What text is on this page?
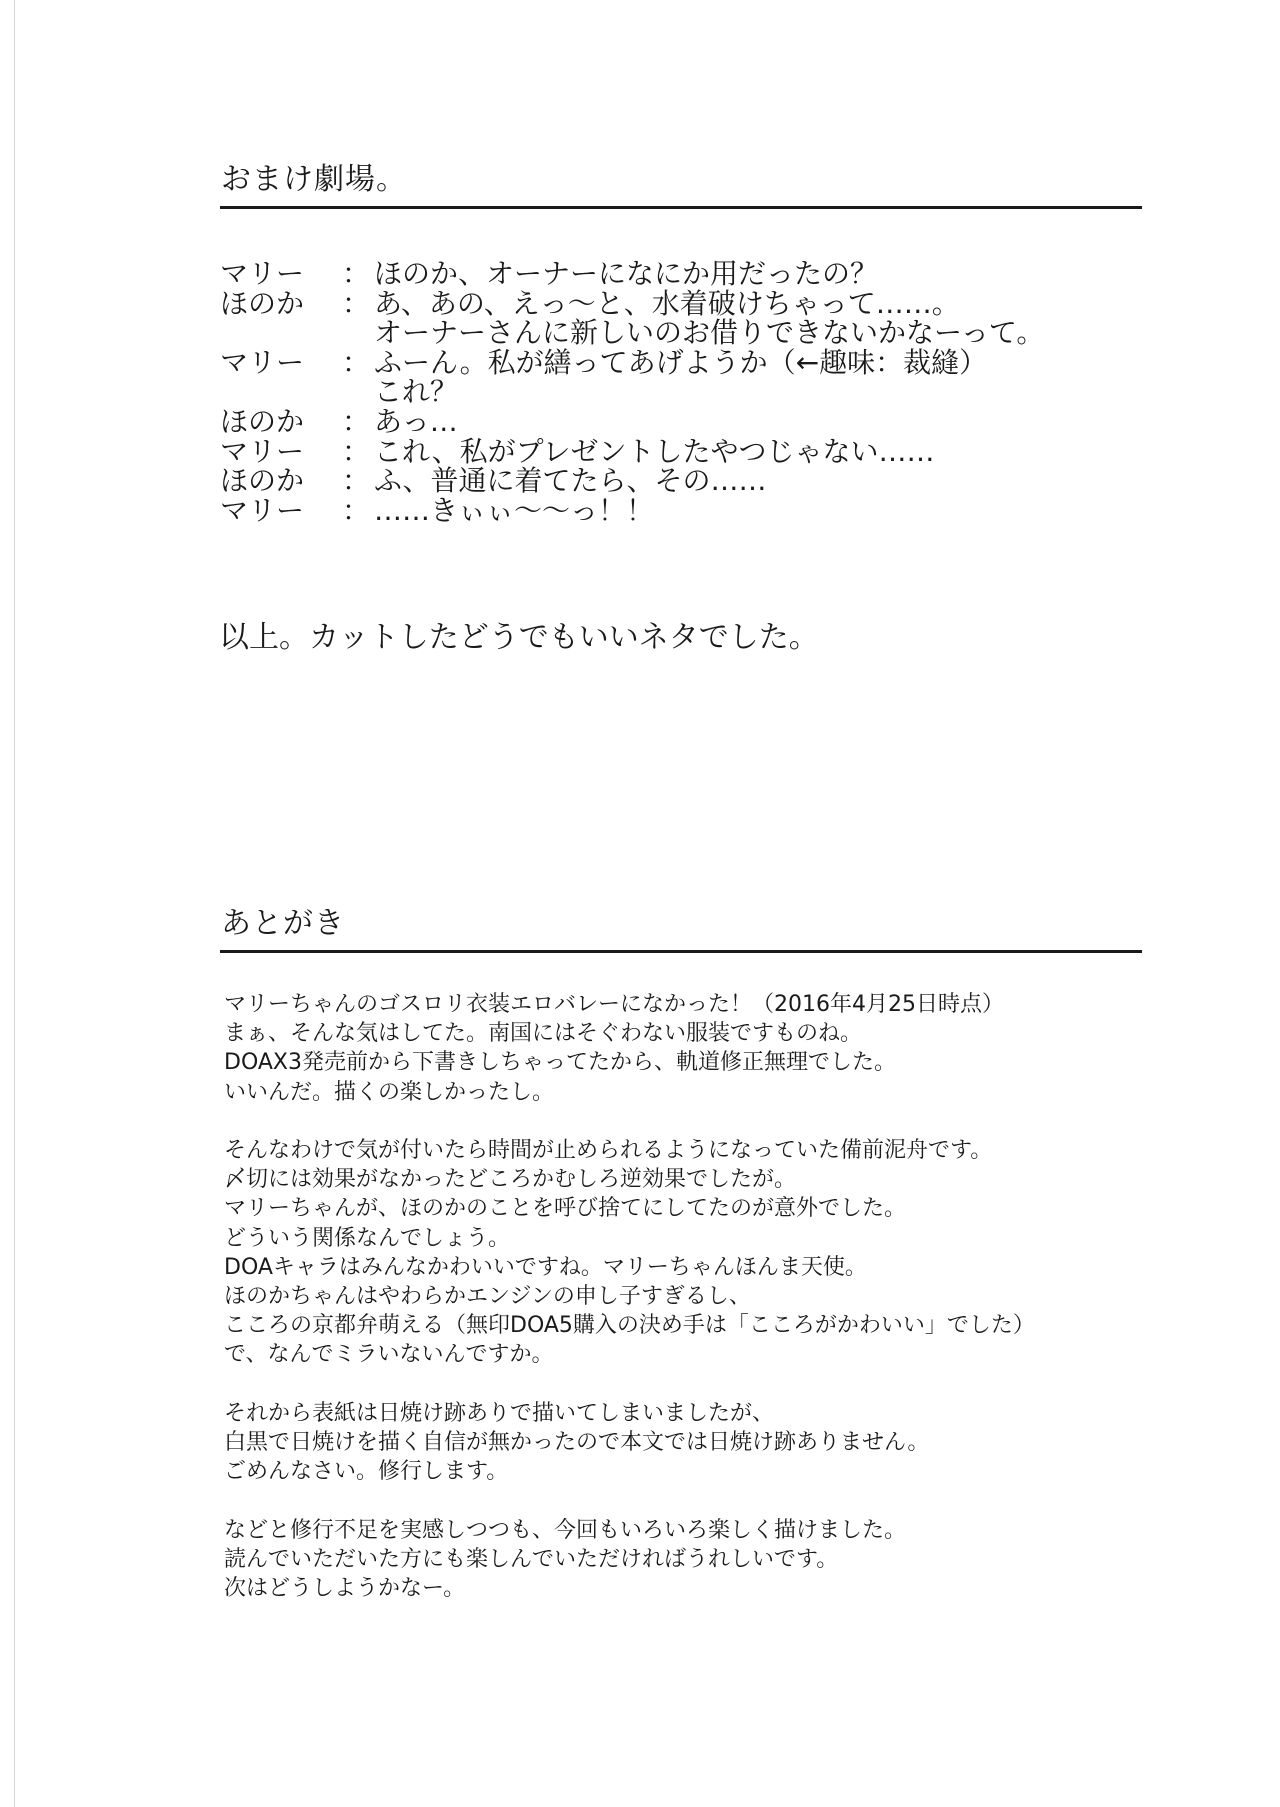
おまけ劇場。
マリー	： ほのか、オーナーになにか用だったの？
ほのか	： あ、あの、えっ～と、水着破けちゃって……。
オーナーさんに新しいのお借りできないかなーって。
マリー	： ふーん。私が繕ってあげようか（←趣味：裁縫）
これ？
ほのか	： あっ…
マリー	： これ、私がプレゼントしたやつじゃない……
ほのか	： ふ、普通に着てたら、その……
マリー	： ……きぃぃ～～っ！！
以上。カットしたどうでもいいネタでした。
あとがき
マリーちゃんのゴスロリ衣装エロバレーになかった！（2016年4月25日時点）
まぁ、そんな気はしてた。南国にはそぐわない服装ですものね。
DOAX3発売前から下書きしちゃってたから、軌道修正無理でした。
いいんだ。描くの楽しかったし。
そんなわけで気が付いたら時間が止められるようになっていた備前泥舟です。
〆切には効果がなかったどころかむしろ逆効果でしたが。
マリーちゃんが、ほのかのことを呼び捨てにしてたのが意外でした。
どういう関係なんでしょう。
DOAキャラはみんなかわいいですね。マリーちゃんほんま天使。
ほのかちゃんはやわらかエンジンの申し子すぎるし、
こころの京都弁萌える（無印DOA5購入の決め手は「こころがかわいい」でした）
で、なんでミラいないんですか。
それから表紙は日焼け跡ありで描いてしまいましたが、
白黒で日焼けを描く自信が無かったので本文では日焼け跡ありません。
ごめんなさい。修行します。
などと修行不足を実感しつつも、今回もいろいろ楽しく描けました。
読んでいただいた方にも楽しんでいただければうれしいです。
次はどうしようかなー。
